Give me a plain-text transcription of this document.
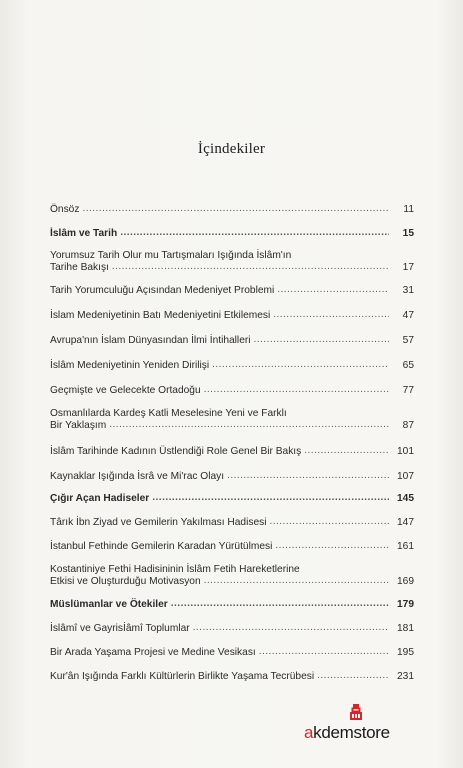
İçindekiler
Önsöz . . .	11
İslâm ve Tarih . . .	15
Yorumsuz Tarih Olur mu Tartışmaları Işığında İslâm'ın
Tarihe Bakışı . . .	17
Tarih Yorumculuğu Açısından Medeniyet Problemi . . .	31
İslam Medeniyetinin Batı Medeniyetini Etkilemesi . . .	47
Avrupa'nın İslam Dünyasından İlmi İntihalleri . . .	57
İslâm Medeniyetinin Yeniden Dirilişi . . .	65
Geçmişte ve Gelecekte Ortadoğu . . .	77
Osmanlılarda Kardeş Katli Meselesine Yeni ve Farklı
Bir Yaklaşım . . .	87
İslâm Tarihinde Kadının Üstlendiği Role Genel Bir Bakış . . .	101
Kaynaklar Işığında İsrâ ve Mi'rac Olayı . . .	107
Çığır Açan Hadiseler . . .	145
Târık İbn Ziyad ve Gemilerin Yakılması Hadisesi . . .	147
İstanbul Fethinde Gemilerin Karadan Yürütülmesi . . .	161
Kostantiniye Fethi Hadisininin İslâm Fetih Hareketlerine
Etkisi ve Oluşturduğu Motivasyon . . .	169
Müslümanlar ve Ötekiler . . .	179
İslâmî ve Gayrisİâmî Toplumlar . . .	181
Bir Arada Yaşama Projesi ve Medine Vesikası . . .	195
Kur'ân Işığında Farklı Kültürlerin Birlikte Yaşama Tecrübesi . . .	231
akdemstore
